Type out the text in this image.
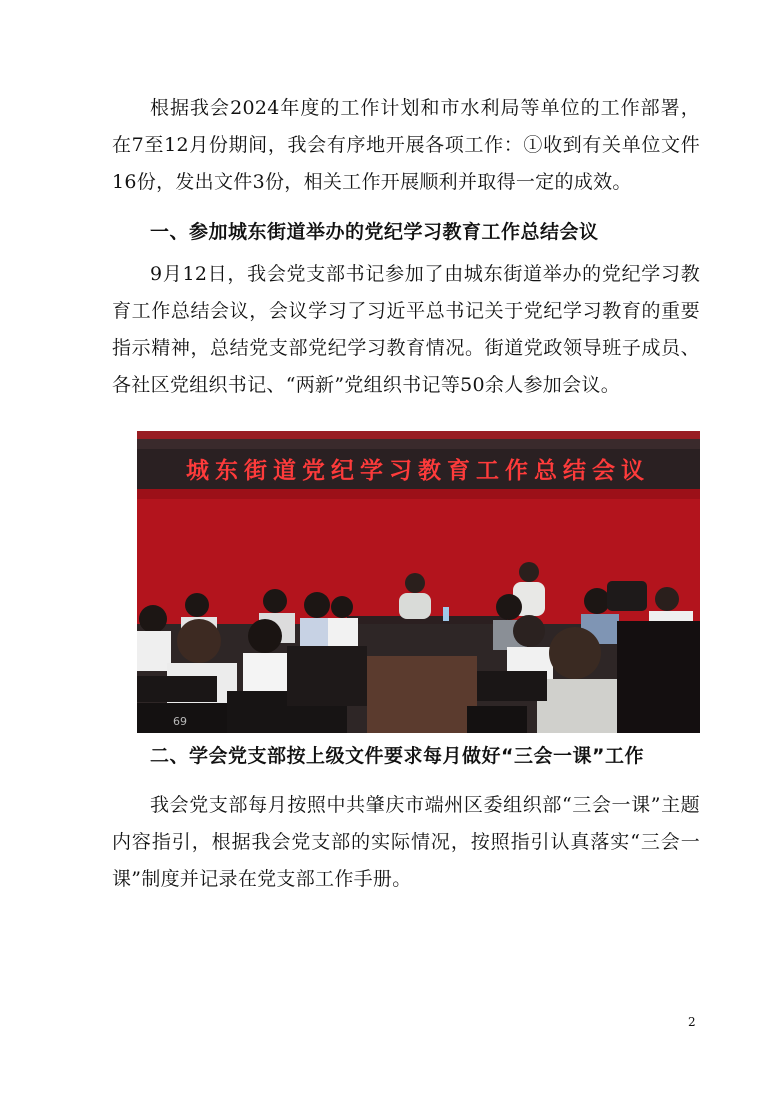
根据我会2024年度的工作计划和市水利局等单位的工作部署，在7至12月份期间，我会有序地开展各项工作：①收到有关单位文件16份，发出文件3份，相关工作开展顺利并取得一定的成效。

一、参加城东街道举办的党纪学习教育工作总结会议

9月12日，我会党支部书记参加了由城东街道举办的党纪学习教育工作总结会议，会议学习了习近平总书记关于党纪学习教育的重要指示精神，总结党支部党纪学习教育情况。街道党政领导班子成员、各社区党组织书记、“两新”党组织书记等50余人参加会议。

城东街道党纪学习教育工作总结会议
69
二、学会党支部按上级文件要求每月做好“三会一课”工作

我会党支部每月按照中共肇庆市端州区委组织部“三会一课”主题内容指引，根据我会党支部的实际情况，按照指引认真落实“三会一课”制度并记录在党支部工作手册。

2
